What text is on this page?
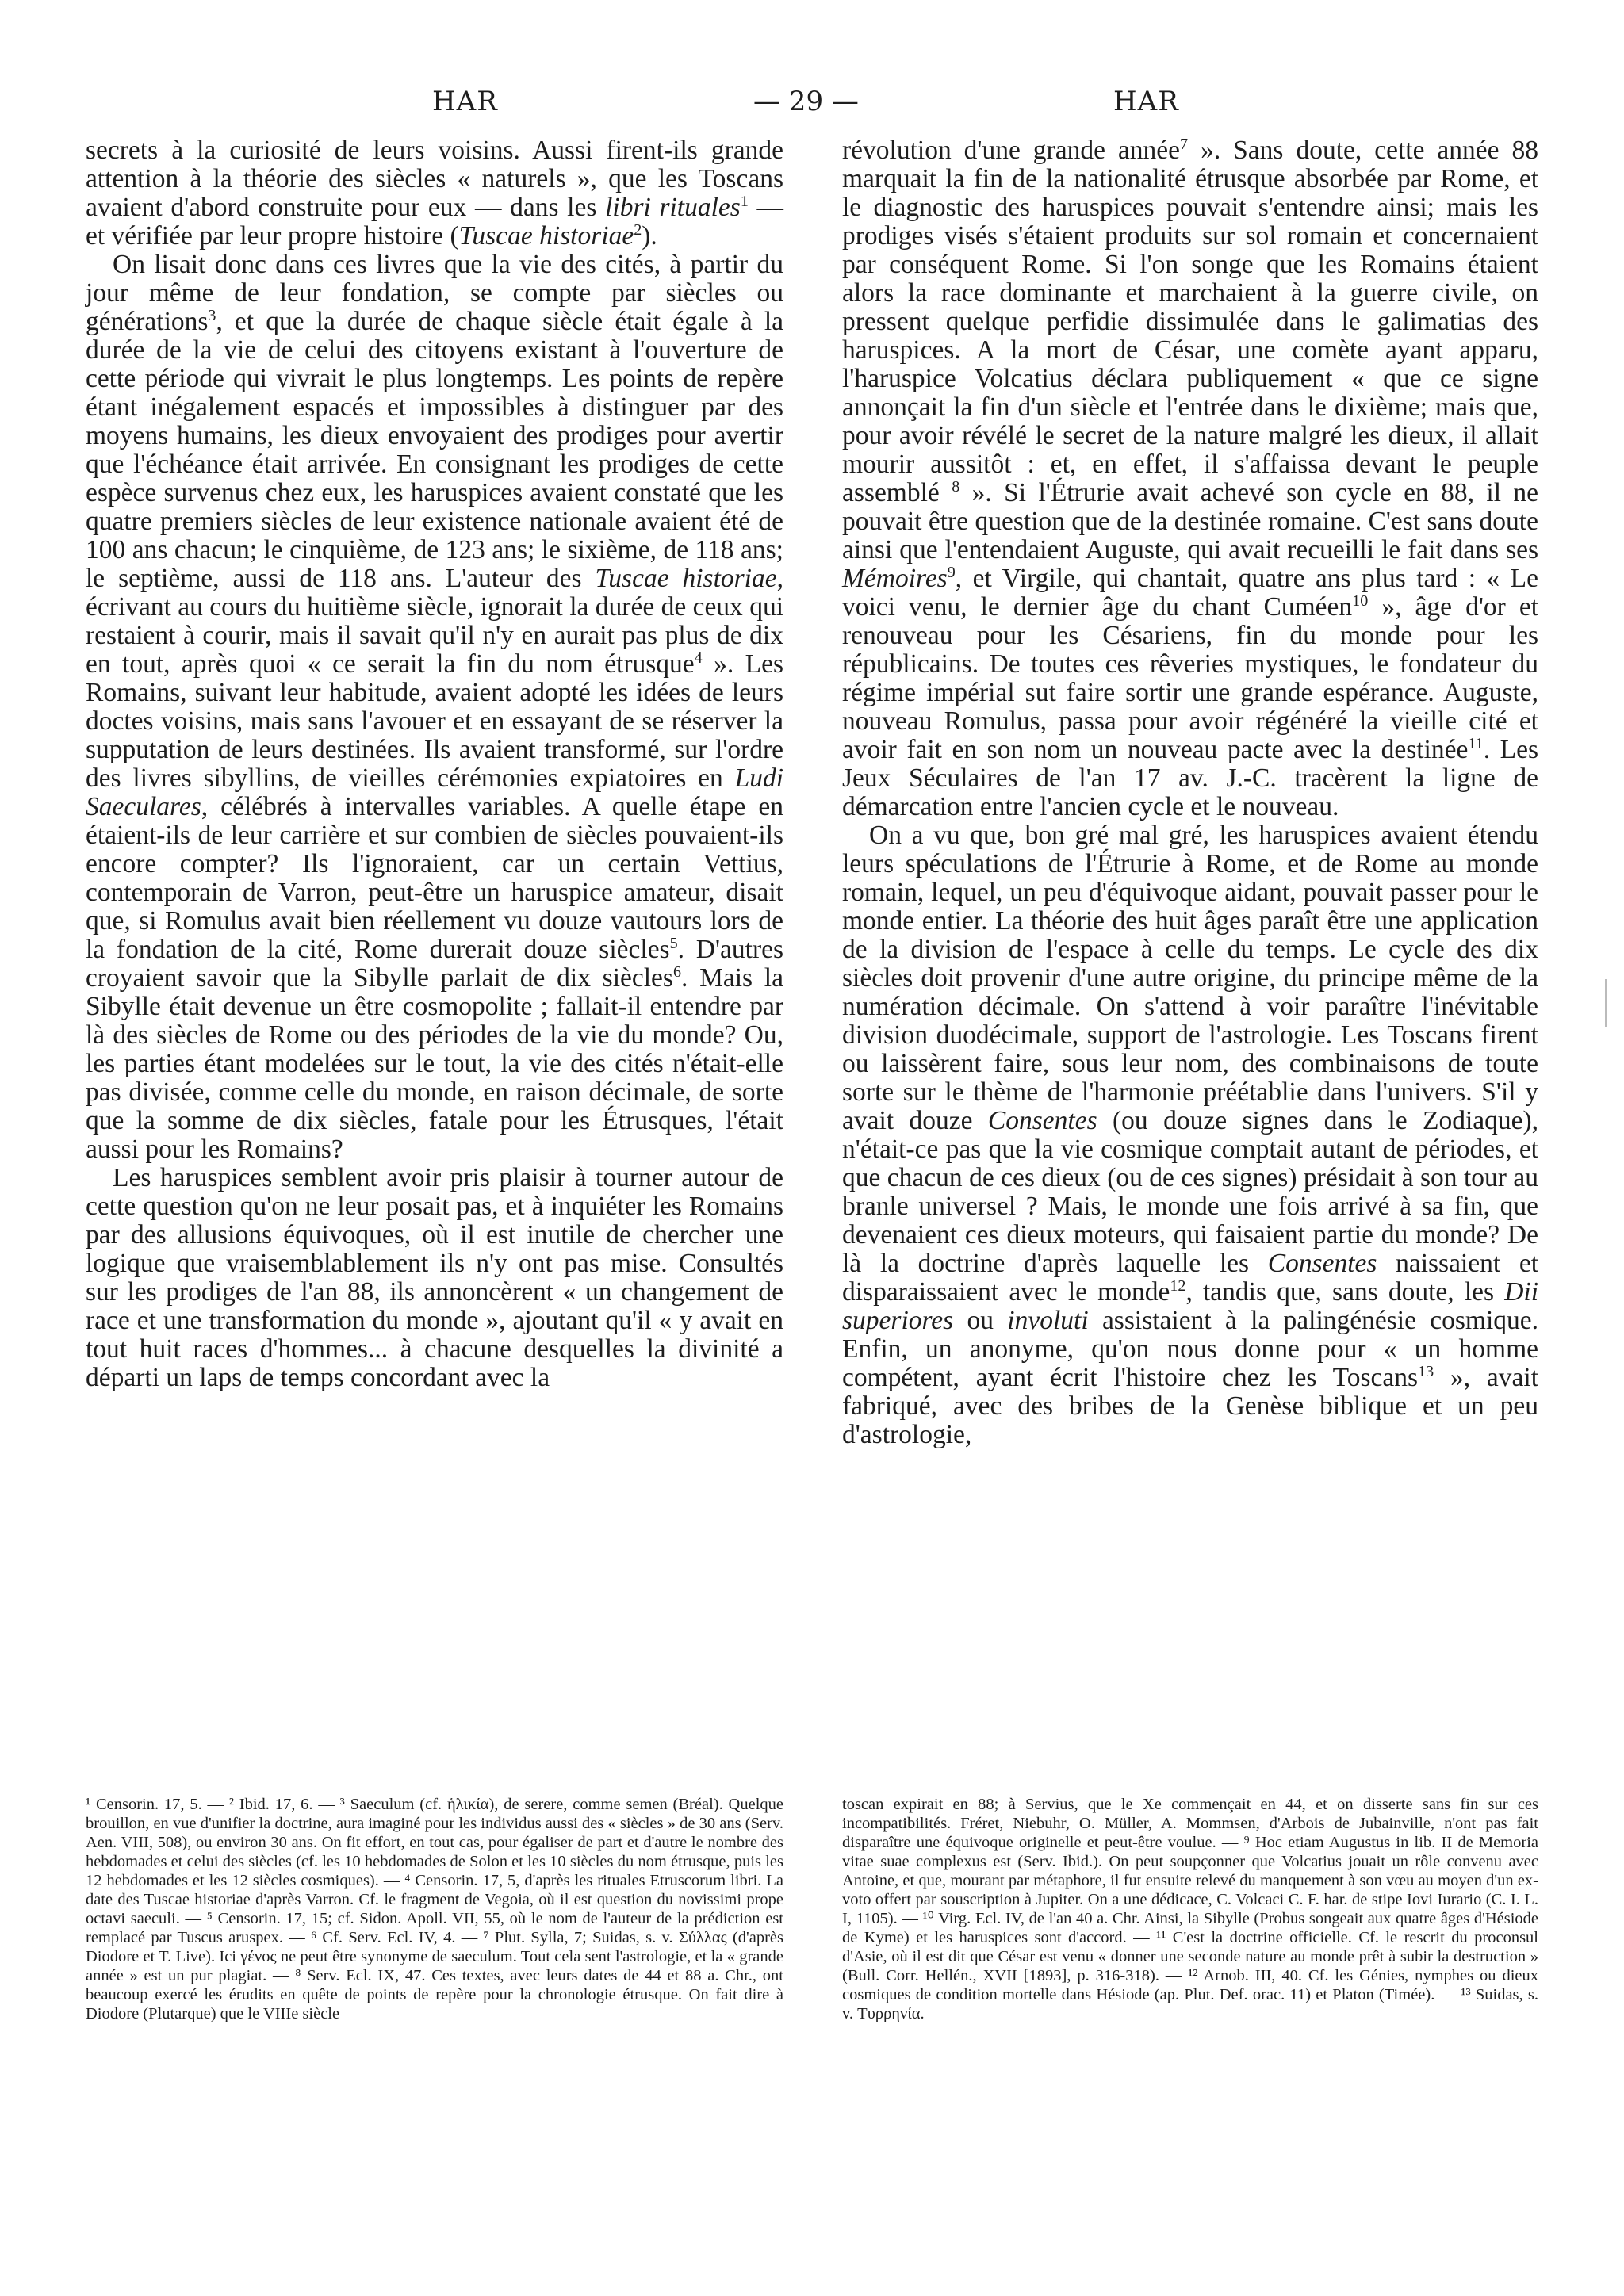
HAR	— 29 —	HAR

secrets à la curiosité de leurs voisins. Aussi firent-ils grande attention à la théorie des siècles « naturels », que les Toscans avaient d'abord construite pour eux — dans les libri rituales$^1$ — et vérifiée par leur propre histoire (Tuscae historiae$^2$).

On lisait donc dans ces livres que la vie des cités, à partir du jour même de leur fondation, se compte par siècles ou générations$^3$, et que la durée de chaque siècle était égale à la durée de la vie de celui des citoyens existant à l'ouverture de cette période qui vivrait le plus longtemps. Les points de repère étant inégalement espacés et impossibles à distinguer par des moyens humains, les dieux envoyaient des prodiges pour avertir que l'échéance était arrivée. En consignant les prodiges de cette espèce survenus chez eux, les haruspices avaient constaté que les quatre premiers siècles de leur existence nationale avaient été de 100 ans chacun; le cinquième, de 123 ans; le sixième, de 118 ans; le septième, aussi de 118 ans. L'auteur des Tuscae historiae, écrivant au cours du huitième siècle, ignorait la durée de ceux qui restaient à courir, mais il savait qu'il n'y en aurait pas plus de dix en tout, après quoi « ce serait la fin du nom étrusque$^4$ ». Les Romains, suivant leur habitude, avaient adopté les idées de leurs doctes voisins, mais sans l'avouer et en essayant de se réserver la supputation de leurs destinées. Ils avaient transformé, sur l'ordre des livres sibyllins, de vieilles cérémonies expiatoires en Ludi Saeculares, célébrés à intervalles variables. A quelle étape en étaient-ils de leur carrière et sur combien de siècles pouvaient-ils encore compter? Ils l'ignoraient, car un certain Vettius, contemporain de Varron, peut-être un haruspice amateur, disait que, si Romulus avait bien réellement vu douze vautours lors de la fondation de la cité, Rome durerait douze siècles$^5$. D'autres croyaient savoir que la Sibylle parlait de dix siècles$^6$. Mais la Sibylle était devenue un être cosmopolite ; fallait-il entendre par là des siècles de Rome ou des périodes de la vie du monde? Ou, les parties étant modelées sur le tout, la vie des cités n'était-elle pas divisée, comme celle du monde, en raison décimale, de sorte que la somme de dix siècles, fatale pour les Étrusques, l'était aussi pour les Romains?

Les haruspices semblent avoir pris plaisir à tourner autour de cette question qu'on ne leur posait pas, et à inquiéter les Romains par des allusions équivoques, où il est inutile de chercher une logique que vraisemblablement ils n'y ont pas mise. Consultés sur les prodiges de l'an 88, ils annoncèrent « un changement de race et une transformation du monde », ajoutant qu'il « y avait en tout huit races d'hommes... à chacune desquelles la divinité a départi un laps de temps concordant avec la

révolution d'une grande année$^7$ ». Sans doute, cette année 88 marquait la fin de la nationalité étrusque absorbée par Rome, et le diagnostic des haruspices pouvait s'entendre ainsi; mais les prodiges visés s'étaient produits sur sol romain et concernaient par conséquent Rome. Si l'on songe que les Romains étaient alors la race dominante et marchaient à la guerre civile, on pressent quelque perfidie dissimulée dans le galimatias des haruspices. A la mort de César, une comète ayant apparu, l'haruspice Volcatius déclara publiquement « que ce signe annonçait la fin d'un siècle et l'entrée dans le dixième; mais que, pour avoir révélé le secret de la nature malgré les dieux, il allait mourir aussitôt : et, en effet, il s'affaissa devant le peuple assemblé $^8$ ». Si l'Étrurie avait achevé son cycle en 88, il ne pouvait être question que de la destinée romaine. C'est sans doute ainsi que l'entendaient Auguste, qui avait recueilli le fait dans ses Mémoires$^9$, et Virgile, qui chantait, quatre ans plus tard : « Le voici venu, le dernier âge du chant Cuméen$^{10}$ », âge d'or et renouveau pour les Césariens, fin du monde pour les républicains. De toutes ces rêveries mystiques, le fondateur du régime impérial sut faire sortir une grande espérance. Auguste, nouveau Romulus, passa pour avoir régénéré la vieille cité et avoir fait en son nom un nouveau pacte avec la destinée$^{11}$. Les Jeux Séculaires de l'an 17 av. J.-C. tracèrent la ligne de démarcation entre l'ancien cycle et le nouveau.

On a vu que, bon gré mal gré, les haruspices avaient étendu leurs spéculations de l'Étrurie à Rome, et de Rome au monde romain, lequel, un peu d'équivoque aidant, pouvait passer pour le monde entier. La théorie des huit âges paraît être une application de la division de l'espace à celle du temps. Le cycle des dix siècles doit provenir d'une autre origine, du principe même de la numération décimale. On s'attend à voir paraître l'inévitable division duodécimale, support de l'astrologie. Les Toscans firent ou laissèrent faire, sous leur nom, des combinaisons de toute sorte sur le thème de l'harmonie préétablie dans l'univers. S'il y avait douze Consentes (ou douze signes dans le Zodiaque), n'était-ce pas que la vie cosmique comptait autant de périodes, et que chacun de ces dieux (ou de ces signes) présidait à son tour au branle universel ? Mais, le monde une fois arrivé à sa fin, que devenaient ces dieux moteurs, qui faisaient partie du monde? De là la doctrine d'après laquelle les Consentes naissaient et disparaissaient avec le monde$^{12}$, tandis que, sans doute, les Dii superiores ou involuti assistaient à la palingénésie cosmique. Enfin, un anonyme, qu'on nous donne pour « un homme compétent, ayant écrit l'histoire chez les Toscans$^{13}$ », avait fabriqué, avec des bribes de la Genèse biblique et un peu d'astrologie,

¹ Censorin. 17, 5. — ² Ibid. 17, 6. — ³ Saeculum (cf. ἡλικία), de serere, comme semen (Bréal). Quelque brouillon, en vue d'unifier la doctrine, aura imaginé pour les individus aussi des « siècles » de 30 ans (Serv. Aen. VIII, 508), ou environ 30 ans. On fit effort, en tout cas, pour égaliser de part et d'autre le nombre des hebdomades et celui des siècles (cf. les 10 hebdomades de Solon et les 10 siècles du nom étrusque, puis les 12 hebdomades et les 12 siècles cosmiques). — ⁴ Censorin. 17, 5, d'après les rituales Etruscorum libri. La date des Tuscae historiae d'après Varron. Cf. le fragment de Vegoia, où il est question du novissimi prope octavi saeculi. — ⁵ Censorin. 17, 15; cf. Sidon. Apoll. VII, 55, où le nom de l'auteur de la prédiction est remplacé par Tuscus aruspex. — ⁶ Cf. Serv. Ecl. IV, 4. — ⁷ Plut. Sylla, 7; Suidas, s. v. Σύλλας (d'après Diodore et T. Live). Ici γένος ne peut être synonyme de saeculum. Tout cela sent l'astrologie, et la « grande année » est un pur plagiat. — ⁸ Serv. Ecl. IX, 47. Ces textes, avec leurs dates de 44 et 88 a. Chr., ont beaucoup exercé les érudits en quête de points de repère pour la chronologie étrusque. On fait dire à Diodore (Plutarque) que le VIIIe siècle

toscan expirait en 88; à Servius, que le Xe commençait en 44, et on disserte sans fin sur ces incompatibilités. Fréret, Niebuhr, O. Müller, A. Mommsen, d'Arbois de Jubainville, n'ont pas fait disparaître une équivoque originelle et peut-être voulue. — ⁹ Hoc etiam Augustus in lib. II de Memoria vitae suae complexus est (Serv. Ibid.). On peut soupçonner que Volcatius jouait un rôle convenu avec Antoine, et que, mourant par métaphore, il fut ensuite relevé du manquement à son vœu au moyen d'un ex-voto offert par souscription à Jupiter. On a une dédicace, C. Volcaci C. F. har. de stipe Iovi Iurario (C. I. L. I, 1105). — ¹⁰ Virg. Ecl. IV, de l'an 40 a. Chr. Ainsi, la Sibylle (Probus songeait aux quatre âges d'Hésiode de Kyme) et les haruspices sont d'accord. — ¹¹ C'est la doctrine officielle. Cf. le rescrit du proconsul d'Asie, où il est dit que César est venu « donner une seconde nature au monde prêt à subir la destruction » (Bull. Corr. Hellén., XVII [1893], p. 316-318). — ¹² Arnob. III, 40. Cf. les Génies, nymphes ou dieux cosmiques de condition mortelle dans Hésiode (ap. Plut. Def. orac. 11) et Platon (Timée). — ¹³ Suidas, s. v. Τυρρηνία.
